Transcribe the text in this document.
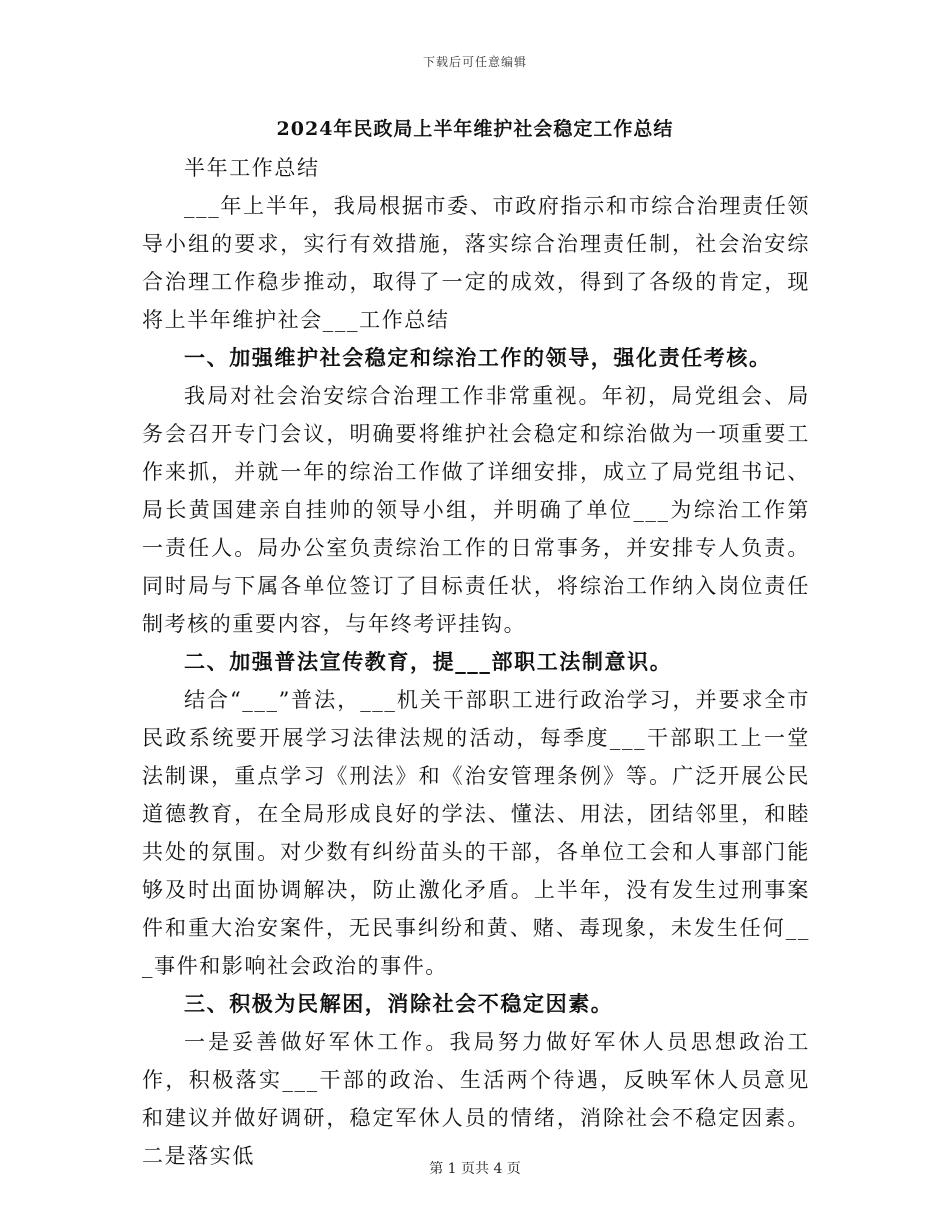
下载后可任意编辑
2024年民政局上半年维护社会稳定工作总结

半年工作总结

___年上半年，我局根据市委、市政府指示和市综合治理责任领导小组的要求，实行有效措施，落实综合治理责任制，社会治安综合治理工作稳步推动，取得了一定的成效，得到了各级的肯定，现将上半年维护社会___工作总结

一、加强维护社会稳定和综治工作的领导，强化责任考核。

我局对社会治安综合治理工作非常重视。年初，局党组会、局务会召开专门会议，明确要将维护社会稳定和综治做为一项重要工作来抓，并就一年的综治工作做了详细安排，成立了局党组书记、局长黄国建亲自挂帅的领导小组，并明确了单位___为综治工作第一责任人。局办公室负责综治工作的日常事务，并安排专人负责。同时局与下属各单位签订了目标责任状，将综治工作纳入岗位责任制考核的重要内容，与年终考评挂钩。

二、加强普法宣传教育，提___部职工法制意识。

结合“___”普法，___机关干部职工进行政治学习，并要求全市民政系统要开展学习法律法规的活动，每季度___干部职工上一堂法制课，重点学习《刑法》和《治安管理条例》等。广泛开展公民道德教育，在全局形成良好的学法、懂法、用法，团结邻里，和睦共处的氛围。对少数有纠纷苗头的干部，各单位工会和人事部门能够及时出面协调解决，防止激化矛盾。上半年，没有发生过刑事案件和重大治安案件，无民事纠纷和黄、赌、毒现象，未发生任何___事件和影响社会政治的事件。

三、积极为民解困，消除社会不稳定因素。

一是妥善做好军休工作。我局努力做好军休人员思想政治工作，积极落实___干部的政治、生活两个待遇，反映军休人员意见和建议并做好调研，稳定军休人员的情绪，消除社会不稳定因素。二是落实低

第 1 页共 4 页
